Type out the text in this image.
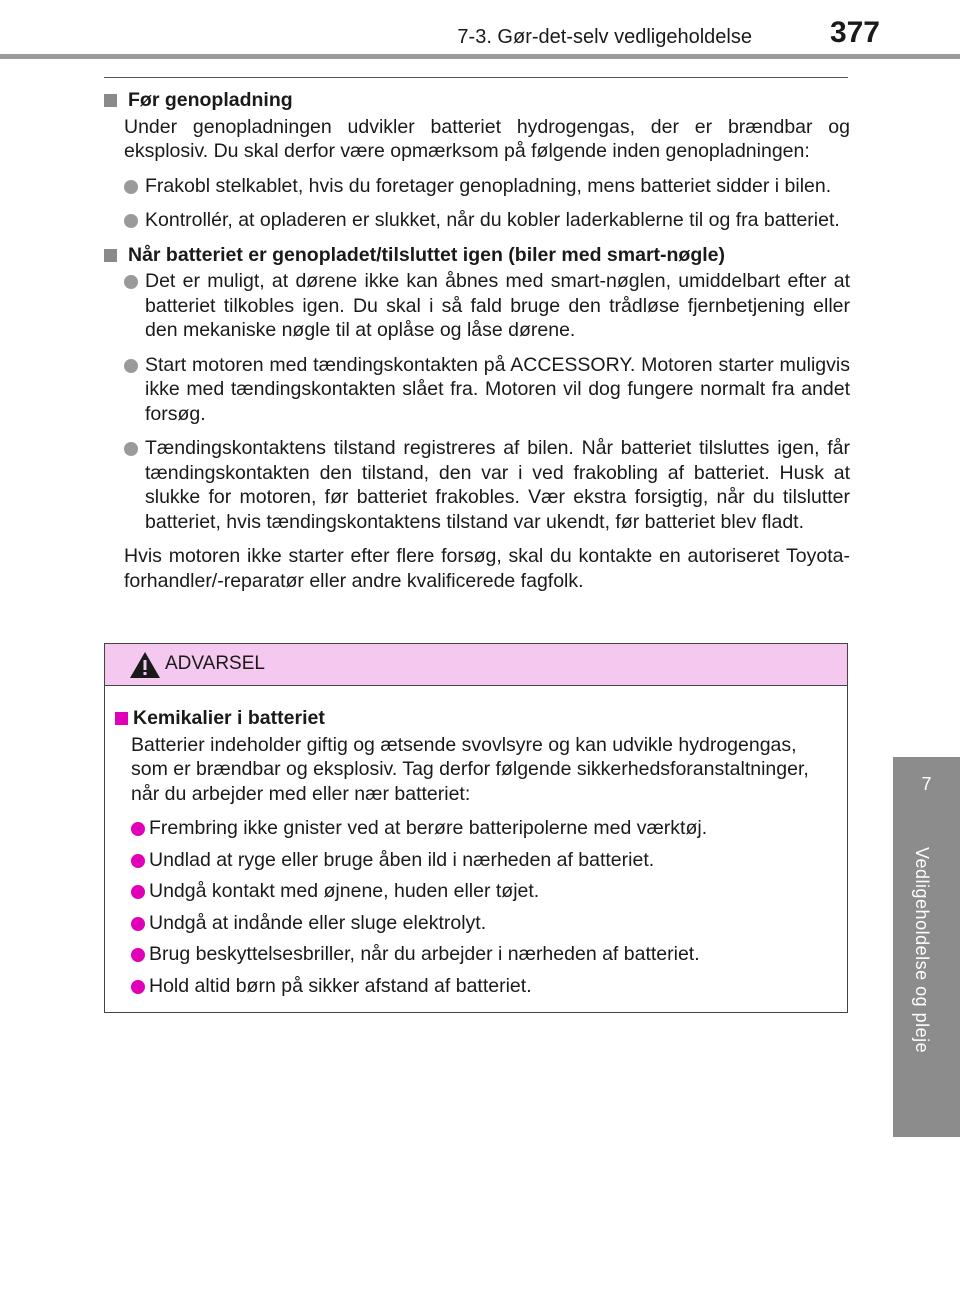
7-3. Gør-det-selv vedligeholdelse	377
7
Vedligeholdelse og pleje
Før genopladning

Under genopladningen udvikler batteriet hydrogengas, der er brændbar og eksplosiv. Du skal derfor være opmærksom på følgende inden genopladningen:

Frakobl stelkablet, hvis du foretager genopladning, mens batteriet sidder i bilen.
Kontrollér, at opladeren er slukket, når du kobler laderkablerne til og fra batteriet.
Når batteriet er genopladet/tilsluttet igen (biler med smart-nøgle)
Det er muligt, at dørene ikke kan åbnes med smart-nøglen, umiddelbart efter at batteriet tilkobles igen. Du skal i så fald bruge den trådløse fjernbetjening eller den mekaniske nøgle til at oplåse og låse dørene.
Start motoren med tændingskontakten på ACCESSORY. Motoren starter muligvis ikke med tændingskontakten slået fra. Motoren vil dog fungere normalt fra andet forsøg.
Tændingskontaktens tilstand registreres af bilen. Når batteriet tilsluttes igen, får tændingskontakten den tilstand, den var i ved frakobling af batteriet. Husk at slukke for motoren, før batteriet frakobles. Vær ekstra forsigtig, når du tilslutter batteriet, hvis tændingskontaktens tilstand var ukendt, før batteriet blev fladt.

Hvis motoren ikke starter efter flere forsøg, skal du kontakte en autoriseret Toyota-forhandler/-reparatør eller andre kvalificerede fagfolk.

ADVARSEL
Kemikalier i batteriet

Batterier indeholder giftig og ætsende svovlsyre og kan udvikle hydrogengas, som er brændbar og eksplosiv. Tag derfor følgende sikkerhedsforanstaltninger, når du arbejder med eller nær batteriet:

Frembring ikke gnister ved at berøre batteripolerne med værktøj.
Undlad at ryge eller bruge åben ild i nærheden af batteriet.
Undgå kontakt med øjnene, huden eller tøjet.
Undgå at indånde eller sluge elektrolyt.
Brug beskyttelsesbriller, når du arbejder i nærheden af batteriet.
Hold altid børn på sikker afstand af batteriet.
